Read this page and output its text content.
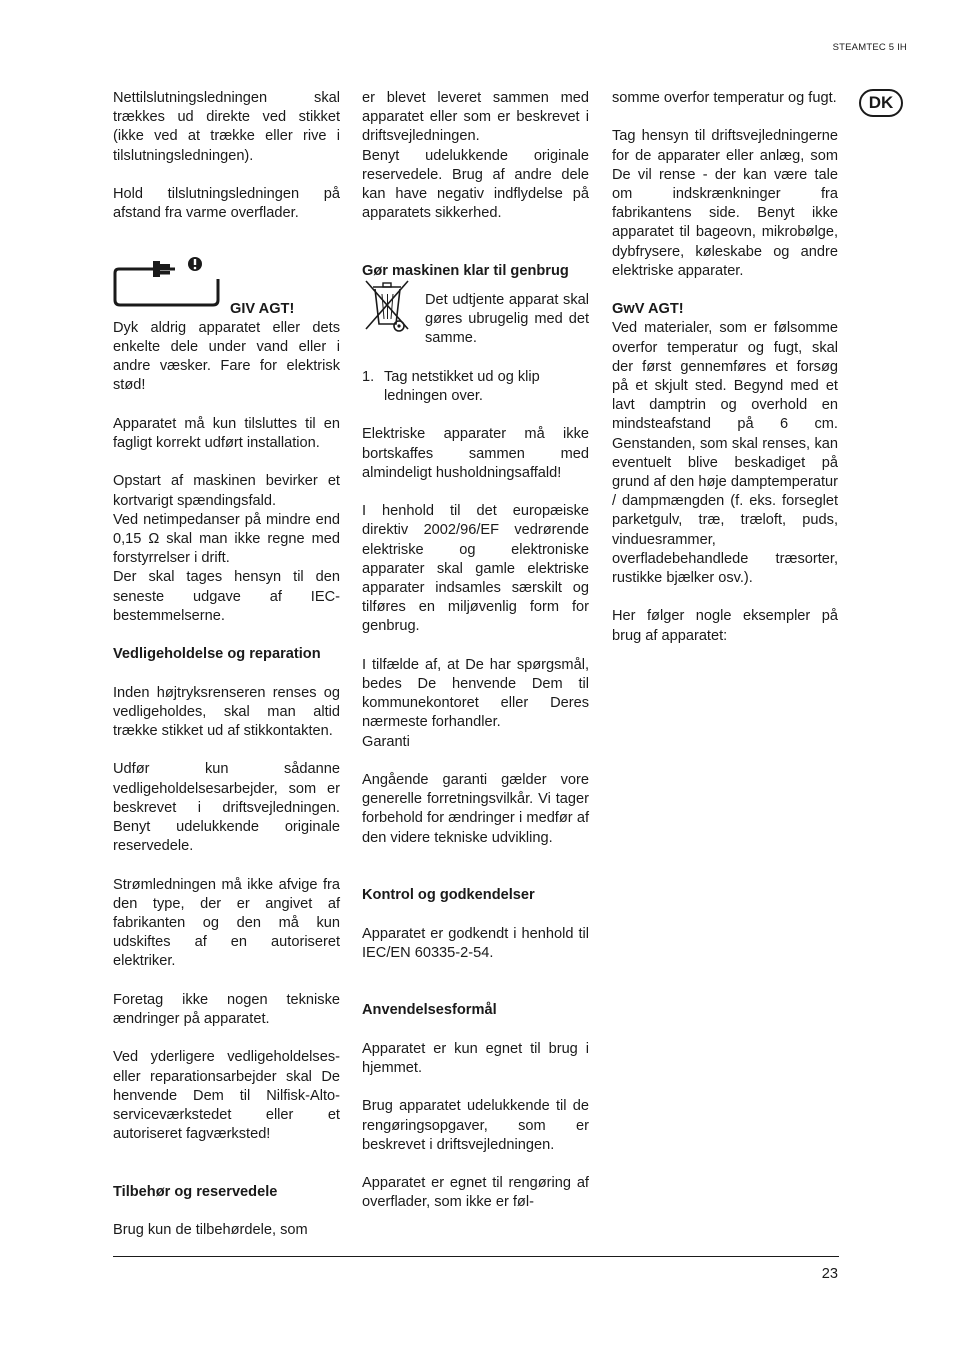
STEAMTEC 5 IH
DK

Nettilslutningsledningen skal trækkes ud direkte ved stikket (ikke ved at trække eller rive i tilslutningsledningen).

Hold tilslutningsledningen på afstand fra varme overflader.

GIV AGT!

Dyk aldrig apparatet eller dets enkelte dele under vand eller i andre væsker. Fare for elektrisk stød!

Apparatet må kun tilsluttes til en fagligt korrekt udført installation.

Opstart af maskinen bevirker et kortvarigt spændingsfald.

Ved netimpedanser på mindre end 0,15 Ω skal man ikke regne med forstyrrelser i drift.

Der skal tages hensyn til den seneste udgave af IEC-bestemmelserne.

Vedligeholdelse og reparation

Inden højtryksrenseren renses og vedligeholdes, skal man altid trække stikket ud af stikkontakten.

Udfør kun sådanne vedligeholdelsesarbejder, som er beskrevet i driftsvejledningen. Benyt udelukkende originale reservedele.

Strømledningen må ikke afvige fra den type, der er angivet af fabrikanten og den må kun udskiftes af en autoriseret elektriker.

Foretag ikke nogen tekniske ændringer på apparatet.

Ved yderligere vedligeholdelses- eller reparationsarbejder skal De henvende Dem til Nilfisk-Alto-serviceværkstedet eller et autoriseret fagværksted!

Tilbehør og reservedele

Brug kun de tilbehørdele, som

er blevet leveret sammen med apparatet eller som er beskrevet i driftsvejledningen.

Benyt udelukkende originale reservedele. Brug af andre dele kan have negativ indflydelse på apparatets sikkerhed.

Gør maskinen klar til genbrug

Det udtjente apparat skal gøres ubrugelig med det samme.

1. Tag netstikket ud og klip ledningen over.

Elektriske apparater må ikke bortskaffes sammen med almindeligt husholdningsaffald!

I henhold til det europæiske direktiv 2002/96/EF vedrørende elektriske og elektroniske apparater skal gamle elektriske apparater indsamles særskilt og tilføres en miljøvenlig form for genbrug.

I tilfælde af, at De har spørgsmål, bedes De henvende Dem til kommunekontoret eller Deres nærmeste forhandler.

Garanti

Angående garanti gælder vore generelle forretningsvilkår. Vi tager forbehold for ændringer i medfør af den videre tekniske udvikling.

Kontrol og godkendelser

Apparatet er godkendt i henhold til IEC/EN 60335-2-54.

Anvendelsesformål

Apparatet er kun egnet til brug i hjemmet.

Brug apparatet udelukkende til de rengøringsopgaver, som er beskrevet i driftsvejledningen.

Apparatet er egnet til rengøring af overflader, som ikke er føl-

somme overfor temperatur og fugt.

Tag hensyn til driftsvejledningerne for de apparater eller anlæg, som De vil rense - der kan være tale om indskrænkninger fra fabrikantens side. Benyt ikke apparatet til bageovn, mikrobølge, dybfrysere, køleskabe og andre elektriske apparater.

GwV AGT!

Ved materialer, som er følsomme overfor temperatur og fugt, skal der først gennemføres et forsøg på et skjult sted. Begynd med et lavt damptrin og overhold en mindsteafstand på 6 cm. Genstanden, som skal renses, kan eventuelt blive beskadiget på grund af den høje damptemperatur / dampmængden (f. eks. forseglet parketgulv, træ, træloft, puds, vinduesrammer, overfladebehandlede træsorter, rustikke bjælker osv.).

Her følger nogle eksempler på brug af apparatet:

23
